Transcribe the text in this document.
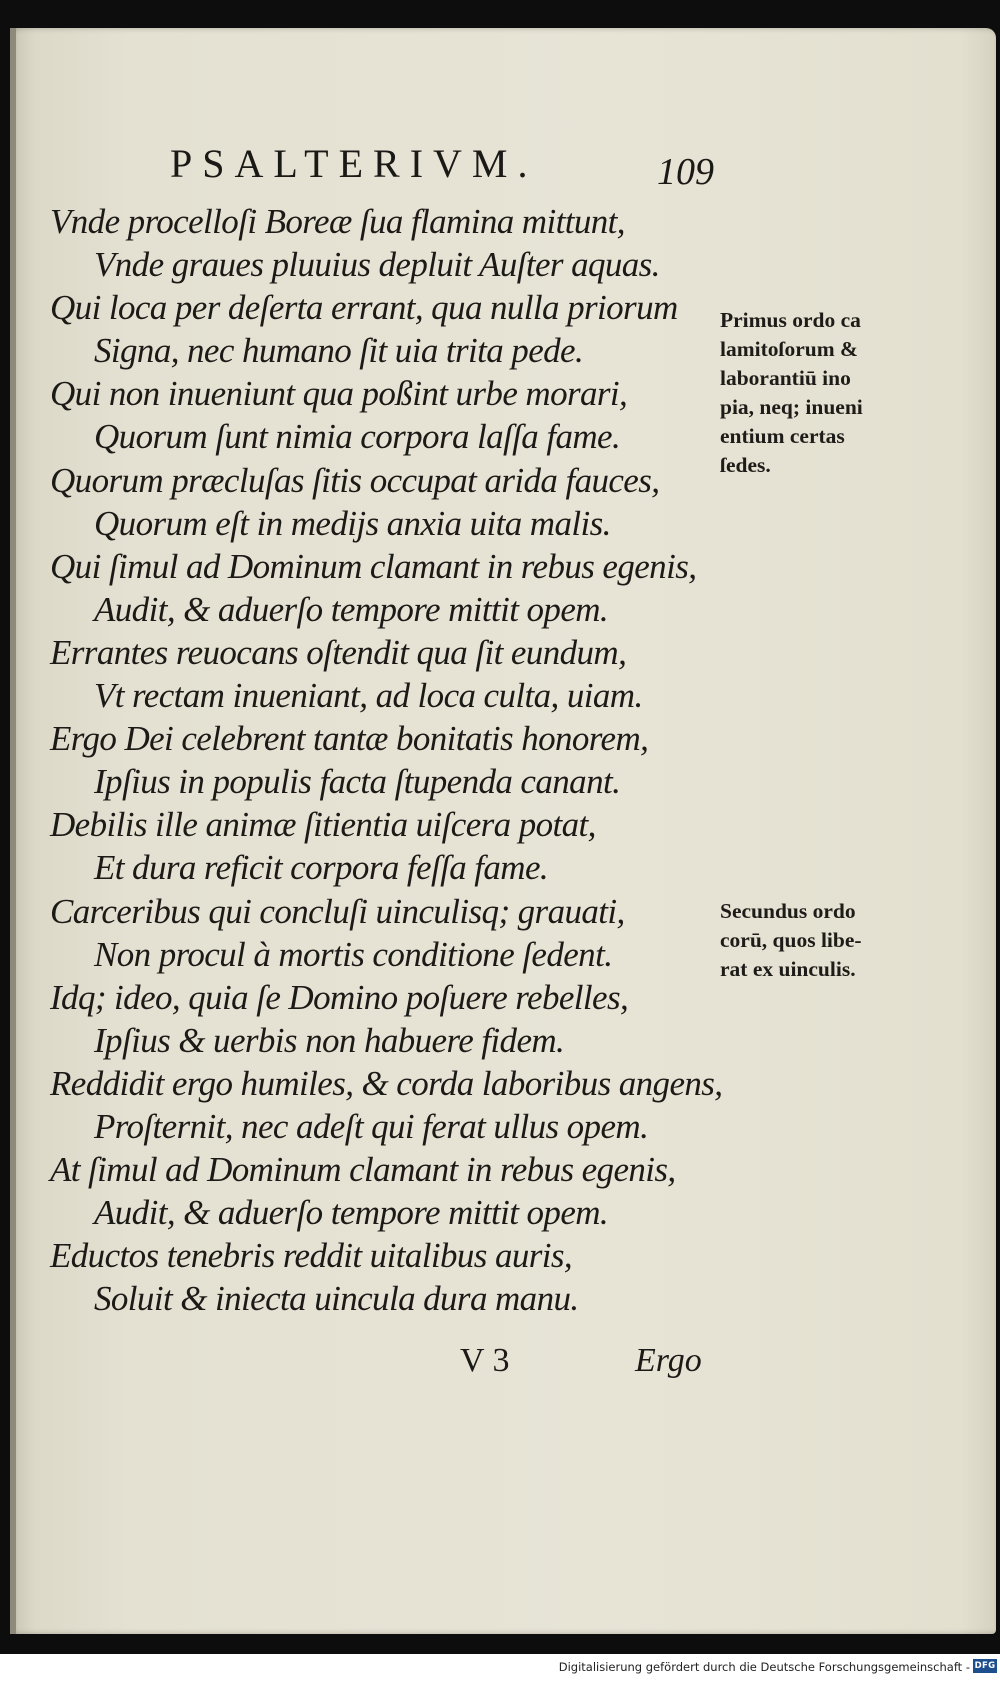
PSALTERIVM.	109
Vnde procelloſi Boreæ ſua flamina mittunt,
Vnde graues pluuius depluit Auſter aquas.
Qui loca per deſerta errant, qua nulla priorum
Signa, nec humano ſit uia trita pede.
Qui non inueniunt qua poßint urbe morari,
Quorum ſunt nimia corpora laſſa fame.
Quorum præcluſas ſitis occupat arida fauces,
Quorum eſt in medijs anxia uita malis.
Qui ſimul ad Dominum clamant in rebus egenis,
Audit, & aduerſo tempore mittit opem.
Errantes reuocans oſtendit qua ſit eundum,
Vt rectam inueniant, ad loca culta, uiam.
Ergo Dei celebrent tantæ bonitatis honorem,
Ipſius in populis facta ſtupenda canant.
Debilis ille animæ ſitientia uiſcera potat,
Et dura reficit corpora feſſa fame.
Carceribus qui concluſi uinculisq; grauati,
Non procul à mortis conditione ſedent.
Idq; ideo, quia ſe Domino poſuere rebelles,
Ipſius & uerbis non habuere fidem.
Reddidit ergo humiles, & corda laboribus angens,
Proſternit, nec adeſt qui ferat ullus opem.
At ſimul ad Dominum clamant in rebus egenis,
Audit, & aduerſo tempore mittit opem.
Eductos tenebris reddit uitalibus auris,
Soluit & iniecta uincula dura manu.
Primus ordo ca
lamitoſorum &
laborantiū ino
pia, neq; inueni
entium certas
ſedes.
Secundus ordo
corū, quos libe-
rat ex uinculis.
V 3	Ergo
Digitalisierung gefördert durch die Deutsche Forschungsgemeinschaft - DFG
